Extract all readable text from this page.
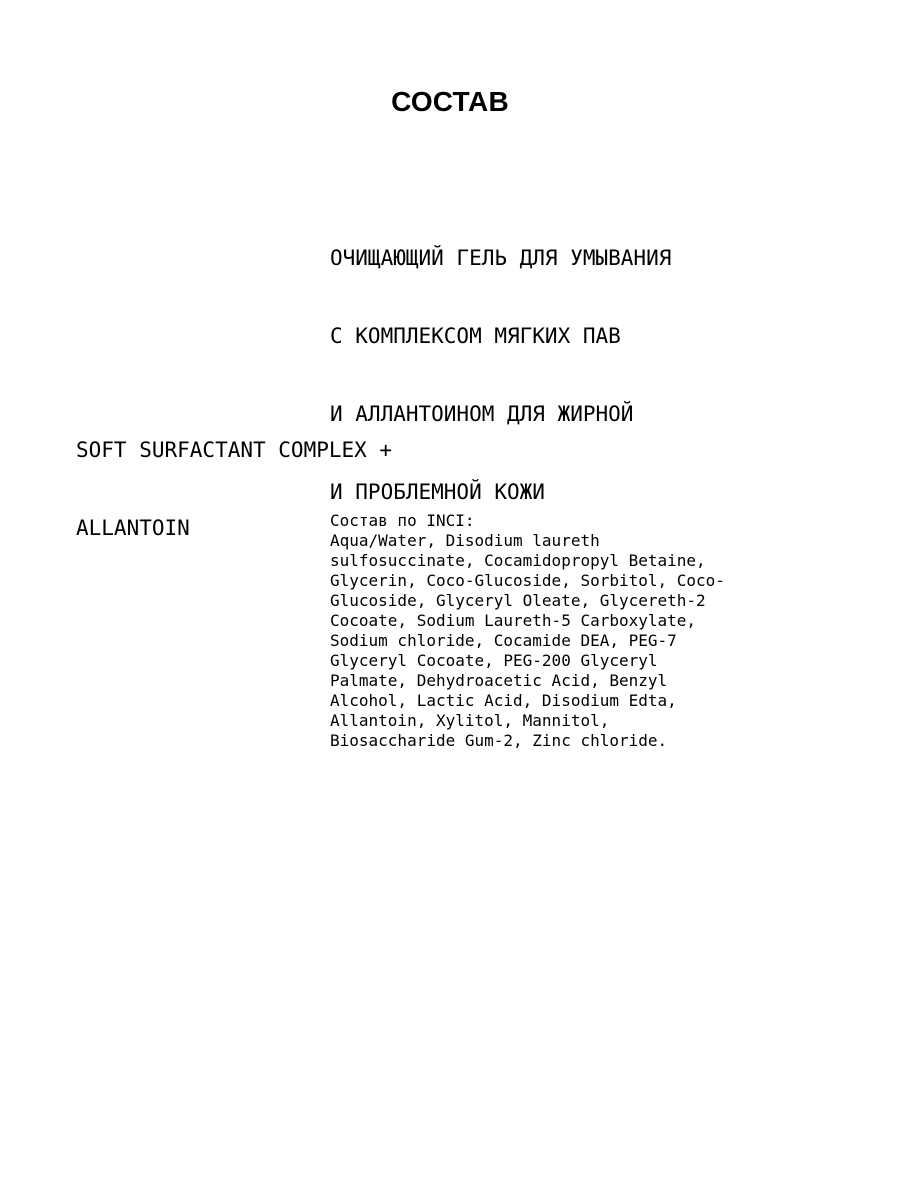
СОСТАВ

ОЧИЩАЮЩИЙ ГЕЛЬ ДЛЯ УМЫВАНИЯ

С КОМПЛЕКСОМ МЯГКИХ ПАВ

И АЛЛАНТОИНОМ ДЛЯ ЖИРНОЙ

И ПРОБЛЕМНОЙ КОЖИ

SOFT SURFACTANT COMPLEX +

ALLANTOIN	Состав по INCI:
Aqua/Water, Disodium laureth
sulfosuccinate, Cocamidopropyl Betaine,
Glycerin, Coco-Glucoside, Sorbitol, Coco-
Glucoside, Glyceryl Oleate, Glycereth-2
Cocoate, Sodium Laureth-5 Carboxylate,
Sodium chloride, Cocamide DEA, PEG-7
Glyceryl Cocoate, PEG-200 Glyceryl
Palmate, Dehydroacetic Acid, Benzyl
Alcohol, Lactic Acid, Disodium Edta,
Allantoin, Xylitol, Mannitol,
Biosaccharide Gum-2, Zinc chloride.
